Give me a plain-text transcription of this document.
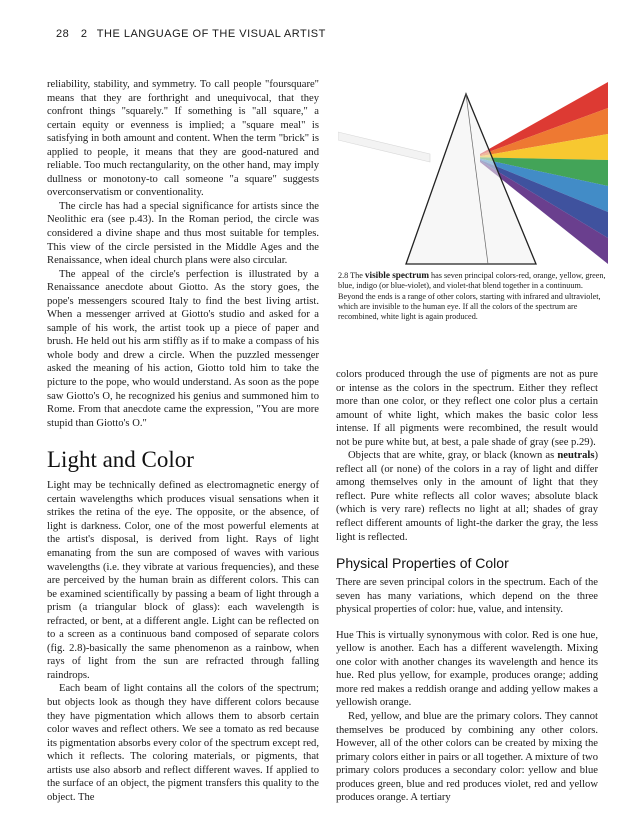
28 2 THE LANGUAGE OF THE VISUAL ARTIST

reliability, stability, and symmetry. To call people "foursquare" means that they are forthright and unequivocal, that they confront things "squarely." If something is "all square," a certain equity or evenness is implied; a "square meal" is satisfying in both amount and content. When the term "brick" is applied to people, it means that they are good-natured and reliable. Too much rectangularity, on the other hand, may imply dullness or monotony-to call someone "a square" suggests overconservatism or conventionality.

The circle has had a special significance for artists since the Neolithic era (see p.43). In the Roman period, the circle was considered a divine shape and thus most suitable for temples. This view of the circle persisted in the Middle Ages and the Renaissance, when ideal church plans were also circular.

The appeal of the circle's perfection is illustrated by a Renaissance anecdote about Giotto. As the story goes, the pope's messengers scoured Italy to find the best living artist. When a messenger arrived at Giotto's studio and asked for a sample of his work, the artist took up a piece of paper and brush. He held out his arm stiffly as if to make a compass of his whole body and drew a circle. When the puzzled messenger asked the meaning of his action, Giotto told him to take the picture to the pope, who would understand. As soon as the pope saw Giotto's O, he recognized his genius and summoned him to Rome. From that anecdote came the expression, "You are more stupid than Giotto's O."

Light and Color

Light may be technically defined as electromagnetic energy of certain wavelengths which produces visual sensations when it strikes the retina of the eye. The opposite, or the absence, of light is darkness. Color, one of the most powerful elements at the artist's disposal, is derived from light. Rays of light emanating from the sun are composed of waves with various wavelengths (i.e. they vibrate at various frequencies), and these are perceived by the human brain as different colors. This can be examined scientifically by passing a beam of light through a prism (a triangular block of glass): each wavelength is refracted, or bent, at a different angle. Light can be reflected on to a screen as a continuous band composed of separate colors (fig. 2.8)-basically the same phenomenon as a rainbow, when rays of light from the sun are refracted through falling raindrops.

Each beam of light contains all the colors of the spectrum; but objects look as though they have different colors because they have pigmentation which allows them to absorb certain color waves and reflect others. We see a tomato as red because its pigmentation absorbs every color of the spectrum except red, which it reflects. The coloring materials, or pigments, that artists use also absorb and reflect different waves. If applied to the surface of an object, the pigment transfers this quality to the object. The

2.8 The visible spectrum has seven principal colors-red, orange, yellow, green, blue, indigo (or blue-violet), and violet-that blend together in a continuum. Beyond the ends is a range of other colors, starting with infrared and ultraviolet, which are invisible to the human eye. If all the colors of the spectrum are recombined, white light is again produced.

colors produced through the use of pigments are not as pure or intense as the colors in the spectrum. Either they reflect more than one color, or they reflect one color plus a certain amount of white light, which makes the basic color less intense. If all pigments were recombined, the result would not be pure white but, at best, a pale shade of gray (see p.29).

Objects that are white, gray, or black (known as neutrals) reflect all (or none) of the colors in a ray of light and differ among themselves only in the amount of light that they reflect. Pure white reflects all color waves; absolute black (which is very rare) reflects no light at all; shades of gray reflect different amounts of light-the darker the gray, the less light is reflected.

Physical Properties of Color

There are seven principal colors in the spectrum. Each of the seven has many variations, which depend on the three physical properties of color: hue, value, and intensity.

Hue This is virtually synonymous with color. Red is one hue, yellow is another. Each has a different wavelength. Mixing one color with another changes its wavelength and hence its hue. Red plus yellow, for example, produces orange; adding more red makes a reddish orange and adding yellow makes a yellowish orange.

Red, yellow, and blue are the primary colors. They cannot themselves be produced by combining any other colors. However, all of the other colors can be created by mixing the primary colors either in pairs or all together. A mixture of two primary colors produces a secondary color: yellow and blue produces green, blue and red produces violet, red and yellow produces orange. A tertiary
